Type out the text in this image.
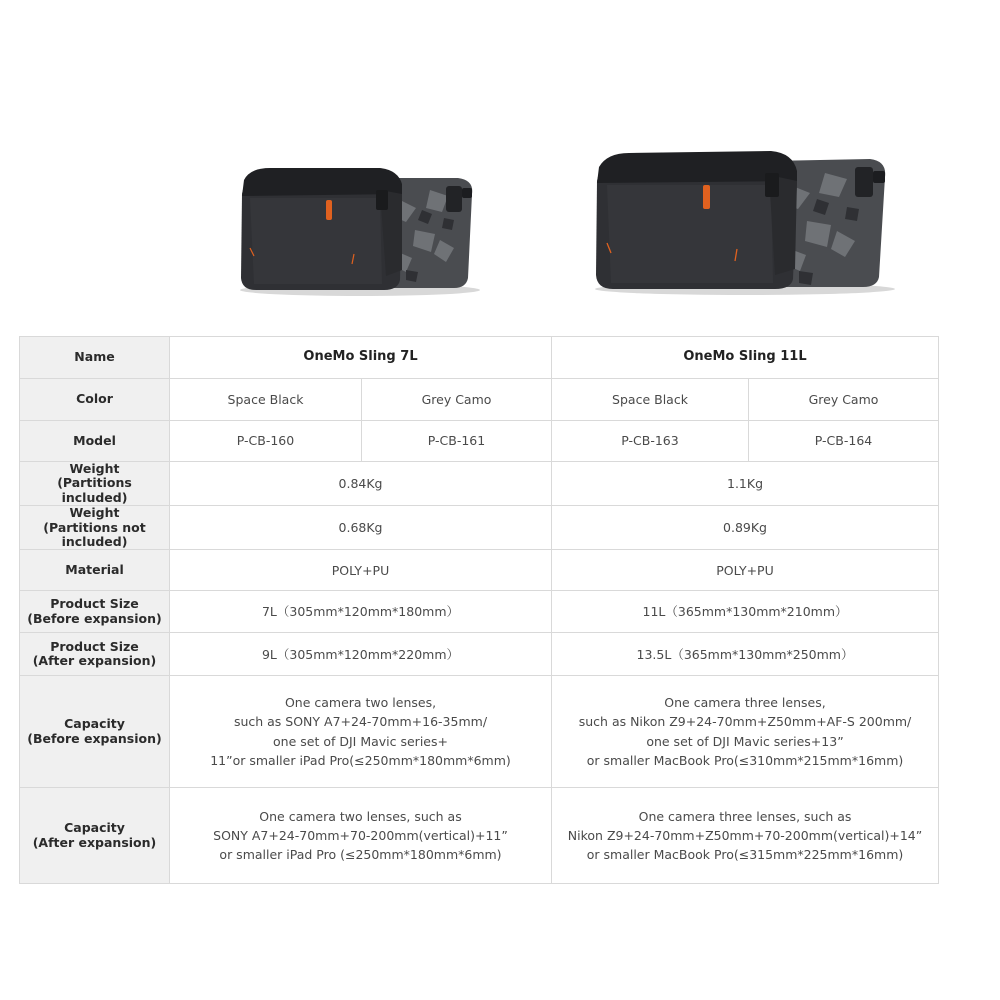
Name	OneMo Sling 7L		OneMo Sling 11L	
Color	Space Black	Grey Camo	Space Black	Grey Camo
Model	P-CB-160	P-CB-161	P-CB-163	P-CB-164

Weight
(Partitions included)	0.84Kg		1.1Kg	

Weight
(Partitions not included)	0.68Kg		0.89Kg	
Material	POLY+PU		POLY+PU	

Product Size
(Before expansion)	7L（305mm*120mm*180mm）		11L（365mm*130mm*210mm）	

Product Size
(After expansion)	9L（305mm*120mm*220mm）		13.5L（365mm*130mm*250mm）	

Capacity
(Before expansion)	One camera two lenses,
such as SONY A7+24-70mm+16-35mm/
one set of DJI Mavic series+
11”or smaller iPad Pro(≤250mm*180mm*6mm)		One camera three lenses,
such as Nikon Z9+24-70mm+Z50mm+AF-S 200mm/
one set of DJI Mavic series+13”
or smaller MacBook Pro(≤310mm*215mm*16mm)	

Capacity
(After expansion)	One camera two lenses, such as
SONY A7+24-70mm+70-200mm(vertical)+11”
or smaller iPad Pro (≤250mm*180mm*6mm)		One camera three lenses, such as
Nikon Z9+24-70mm+Z50mm+70-200mm(vertical)+14”
or smaller MacBook Pro(≤315mm*225mm*16mm)	
